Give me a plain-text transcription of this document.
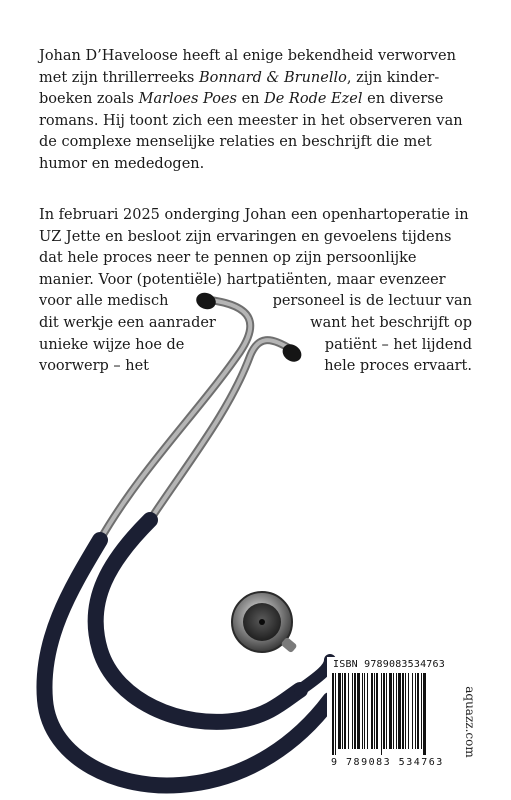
Johan D’Haveloose heeft al enige bekendheid verworven
met zijn thrillerreeks Bonnard & Brunello, zijn kinder-
boeken zoals Marloes Poes en De Rode Ezel en diverse
romans. Hij toont zich een meester in het observeren van
de complexe menselijke relaties en beschrijft die met
humor en mededogen.
In februari 2025 onderging Johan een openhartoperatie in
UZ Jette en besloot zijn ervaringen en gevoelens tijdens
dat hele proces neer te pennen op zijn persoonlijke
manier. Voor (potentiële) hartpatiënten, maar evenzeer
voor alle medisch	personeel is de lectuur van
dit werkje een aanrader	want het beschrijft op
unieke wijze hoe de	patiënt – het lijdend
voorwerp – het	hele proces ervaart.
ISBN 9789083534763
9 789083 534763
aquazz.com
